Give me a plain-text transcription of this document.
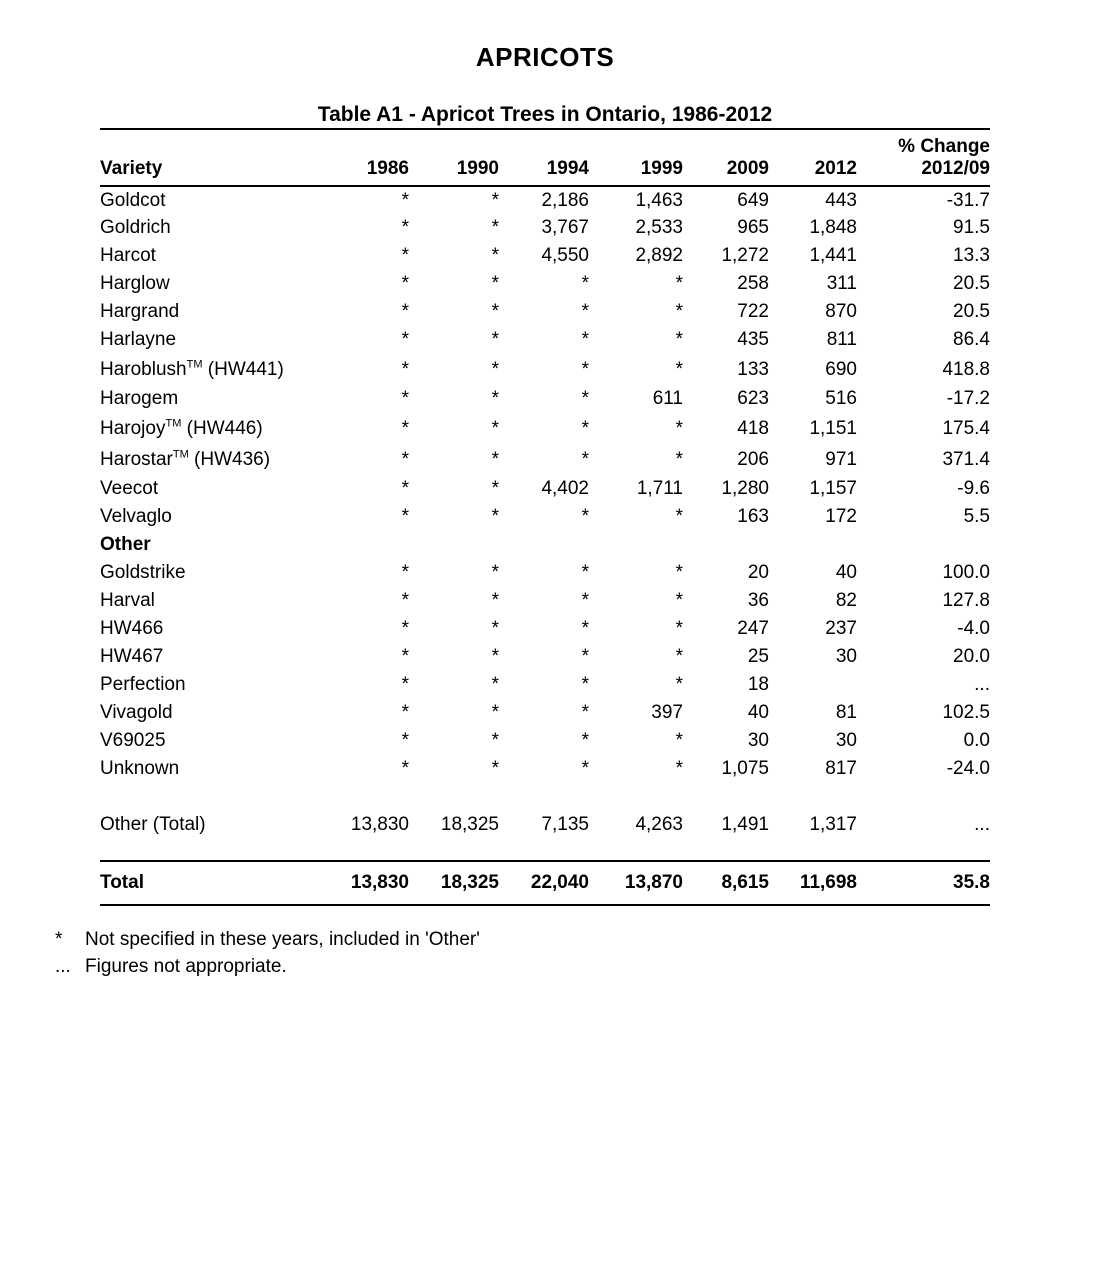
APRICOTS
Table A1 - Apricot Trees in Ontario, 1986-2012
Variety	1986	1990	1994	1999	2009	2012	% Change
2012/09

Goldcot	*	*	2,186	1,463	649	443	-31.7
Goldrich	*	*	3,767	2,533	965	1,848	91.5
Harcot	*	*	4,550	2,892	1,272	1,441	13.3
Harglow	*	*	*	*	258	311	20.5
Hargrand	*	*	*	*	722	870	20.5
Harlayne	*	*	*	*	435	811	86.4
Haroblush™ (HW441)	*	*	*	*	133	690	418.8
Harogem	*	*	*	611	623	516	-17.2
Harojoy™ (HW446)	*	*	*	*	418	1,151	175.4
Harostar™ (HW436)	*	*	*	*	206	971	371.4
Veecot	*	*	4,402	1,711	1,280	1,157	-9.6
Velvaglo	*	*	*	*	163	172	5.5
Other							
Goldstrike	*	*	*	*	20	40	100.0
Harval	*	*	*	*	36	82	127.8
HW466	*	*	*	*	247	237	-4.0
HW467	*	*	*	*	25	30	20.0
Perfection	*	*	*	*	18		...
Vivagold	*	*	*	397	40	81	102.5
V69025	*	*	*	*	30	30	0.0
Unknown	*	*	*	*	1,075	817	-24.0

Other (Total)	13,830	18,325	7,135	4,263	1,491	1,317	...

Total	13,830	18,325	22,040	13,870	8,615	11,698	35.8
*	Not specified in these years, included in 'Other'
... Figures not appropriate.
